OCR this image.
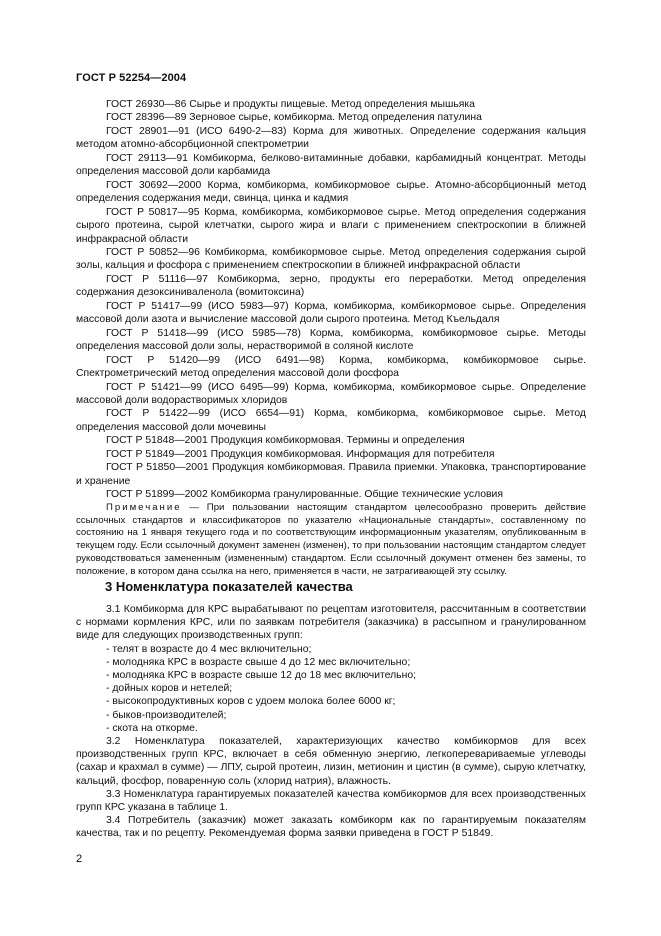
ГОСТ Р 52254—2004

ГОСТ 26930—86 Сырье и продукты пищевые. Метод определения мышьяка

ГОСТ 28396—89 Зерновое сырье, комбикорма. Метод определения патулина

ГОСТ 28901—91 (ИСО 6490-2—83) Корма для животных. Определение содержания кальция методом атомно-абсорбционной спектрометрии

ГОСТ 29113—91 Комбикорма, белково-витаминные добавки, карбамидный концентрат. Методы определения массовой доли карбамида

ГОСТ 30692—2000 Корма, комбикорма, комбикормовое сырье. Атомно-абсорбционный метод определения содержания меди, свинца, цинка и кадмия

ГОСТ Р 50817—95 Корма, комбикорма, комбикормовое сырье. Метод определения содержания сырого протеина, сырой клетчатки, сырого жира и влаги с применением спектроскопии в ближней инфракрасной области

ГОСТ Р 50852—96 Комбикорма, комбикормовое сырье. Метод определения содержания сырой золы, кальция и фосфора с применением спектроскопии в ближней инфракрасной области

ГОСТ Р 51116—97 Комбикорма, зерно, продукты его переработки. Метод определения содержания дезоксиниваленола (вомитоксина)

ГОСТ Р 51417—99 (ИСО 5983—97) Корма, комбикорма, комбикормовое сырье. Определения массовой доли азота и вычисление массовой доли сырого протеина. Метод Къельдаля

ГОСТ Р 51418—99 (ИСО 5985—78) Корма, комбикорма, комбикормовое сырье. Методы определения массовой доли золы, нерастворимой в соляной кислоте

ГОСТ Р 51420—99 (ИСО 6491—98) Корма, комбикорма, комбикормовое сырье. Спектрометрический метод определения массовой доли фосфора

ГОСТ Р 51421—99 (ИСО 6495—99) Корма, комбикорма, комбикормовое сырье. Определение массовой доли водорастворимых хлоридов

ГОСТ Р 51422—99 (ИСО 6654—91) Корма, комбикорма, комбикормовое сырье. Метод определения массовой доли мочевины

ГОСТ Р 51848—2001 Продукция комбикормовая. Термины и определения

ГОСТ Р 51849—2001 Продукция комбикормовая. Информация для потребителя

ГОСТ Р 51850—2001 Продукция комбикормовая. Правила приемки. Упаковка, транспортирование и хранение

ГОСТ Р 51899—2002 Комбикорма гранулированные. Общие технические условия

Примечание — При пользовании настоящим стандартом целесообразно проверить действие ссылочных стандартов и классификаторов по указателю «Национальные стандарты», составленному по состоянию на 1 января текущего года и по соответствующим информационным указателям, опубликованным в текущем году. Если ссылочный документ заменен (изменен), то при пользовании настоящим стандартом следует руководствоваться замененным (измененным) стандартом. Если ссылочный документ отменен без замены, то положение, в котором дана ссылка на него, применяется в части, не затрагивающей эту ссылку.

3 Номенклатура показателей качества

3.1 Комбикорма для КРС вырабатывают по рецептам изготовителя, рассчитанным в соответствии с нормами кормления КРС, или по заявкам потребителя (заказчика) в рассыпном и гранулированном виде для следующих производственных групп:

- телят в возрасте до 4 мес включительно;

- молодняка КРС в возрасте свыше 4 до 12 мес включительно;

- молодняка КРС в возрасте свыше 12 до 18 мес включительно;

- дойных коров и нетелей;

- высокопродуктивных коров с удоем молока более 6000 кг;

- быков-производителей;

- скота на откорме.

3.2 Номенклатура показателей, характеризующих качество комбикормов для всех производственных групп КРС, включает в себя обменную энергию, легкоперевариваемые углеводы (сахар и крахмал в сумме) — ЛПУ, сырой протеин, лизин, метионин и цистин (в сумме), сырую клетчатку, кальций, фосфор, поваренную соль (хлорид натрия), влажность.

3.3 Номенклатура гарантируемых показателей качества комбикормов для всех производственных групп КРС указана в таблице 1.

3.4 Потребитель (заказчик) может заказать комбикорм как по гарантируемым показателям качества, так и по рецепту. Рекомендуемая форма заявки приведена в ГОСТ Р 51849.

2
